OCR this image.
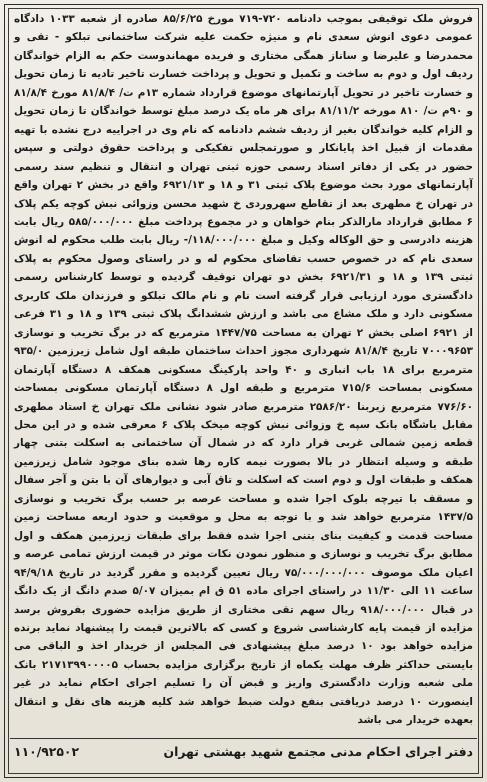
فروش ملک توقیفی بموجب دادنامه ۷۲۰-۷۱۹ مورخ ۸۵/۶/۲۵ صادره از شعبه ۱۰۳۳ دادگاه عمومی دعوی انوش سعدی نام و منیژه حکمت علیه شرکت ساختمانی تبلکو - تقی و محمدرضا و علیرضا و ساناز همگی مختاری و فریده مهماندوست حکم به الزام خواندگان ردیف اول و دوم به ساخت و تکمیل و تحویل و پرداخت خسارت تاخیر تادیه تا زمان تحویل و خسارت تاخیر در تحویل آپارتمانهای موضوع قرارداد شماره ۱۳م ت/ ۸۱/۸/۴ مورخ ۸۱/۸/۴ و ۹۰م ت/ ۸۱۰ مورخه ۸۱/۱۱/۲ برای هر ماه یک درصد مبلغ توسط خواندگان تا زمان تحویل و الزام کلیه خواندگان بغیر از ردیف ششم دادنامه که نام وی در اجراییه درج نشده با تهیه مقدمات از قبیل اخذ پایانکار و صورتمجلس تفکیکی و پرداخت حقوق دولتی و سپس حضور در یکی از دفاتر اسناد رسمی حوزه ثبتی تهران و انتقال و تنظیم سند رسمی آپارتمانهای مورد بحث موضوع پلاک ثبتی ۳۱ و ۱۸ و ۶۹۲۱/۱۳ واقع در بخش ۲ تهران واقع در تهران خ مطهری بعد از تقاطع سهروردی خ شهید محسن وزوائی نبش کوچه یکم پلاک ۶ مطابق قرارداد مارالذکر بنام خواهان و در مجموع پرداخت مبلغ ۵۸۵/۰۰۰/۰۰۰ ریال بابت هزینه دادرسی و حق الوکاله وکیل و مبلغ ۱۱۸/۰۰۰/۰۰۰/- ریال بابت طلب محکوم له انوش سعدی نام که در خصوص حسب تقاضای محکوم له و در راستای وصول محکوم به پلاک ثبتی ۱۳۹ و ۱۸ و ۶۹۲۱/۳۱ بخش دو تهران توقیف گردیده و توسط کارشناس رسمی دادگستری مورد ارزیابی قرار گرفته است نام و نام مالک تبلکو و فرزندان ملک کاربری مسکونی دارد و ملک مشاع می باشد و ارزش ششدانگ پلاک ثبتی ۱۳۹ و ۱۸ و ۳۱ فرعی از ۶۹۲۱ اصلی بخش ۲ تهران به مساحت ۱۴۴۷/۷۵ مترمربع که در برگ تخریب و نوسازی ۷۰۰۰۹۶۵۳ تاریخ ۸۱/۸/۴ شهرداری مجوز احداث ساختمان طبقه اول شامل زیرزمین ۹۳۵/۰ مترمربع برای ۱۸ باب انباری و ۴۰ واحد پارکینگ مسکونی همکف ۸ دستگاه آپارتمان مسکونی بمساحت ۷۱۵/۶ مترمربع و طبقه اول ۸ دستگاه آپارتمان مسکونی بمساحت ۷۷۶/۶۰ مترمربع زیربنا ۲۵۸۶/۲۰ مترمربع صادر شود نشانی ملک تهران خ استاد مطهری مقابل باشگاه بانک سپه خ وزوائی نبش کوچه میخک پلاک ۶ معرفی شده و در این محل قطعه زمین شمالی غربی قرار دارد که در شمال آن ساختمانی به اسکلت بتنی چهار طبقه و وسیله انتظار در بالا بصورت نیمه کاره رها شده بنای موجود شامل زیرزمین همکف و طبقات اول و دوم است که اسکلت و تاق آبی و دیوارهای آن با بتن و آجر سفال و مسقف با تیرچه بلوک اجرا شده و مساحت عرصه بر حسب برگ تخریب و نوسازی ۱۴۳۷/۵ مترمربع خواهد شد و با توجه به محل و موقعیت و حدود اربعه مساحت زمین مساحت قدمت و کیفیت بنای بتنی اجرا شده فقط برای طبقات زیرزمین همکف و اول مطابق برگ تخریب و نوسازی و منظور نمودن نکات موثر در قیمت ارزش تمامی عرصه و اعیان ملک موصوف ۷۵/۰۰۰/۰۰۰/۰۰۰ ریال تعیین گردیده و مقرر گردید در تاریخ ۹۴/۹/۱۸ ساعت ۱۱ الی ۱۱/۳۰ در راستای اجرای ماده ۵۱ ق ام بمیزان ۵/۰۷ صدم دانگ از یک دانگ در قبال ۹۱۸/۰۰۰/۰۰۰ ریال سهم تقی مختاری از طریق مزایده حضوری بفروش برسد مزایده از قیمت پایه کارشناسی شروع و کسی که بالاترین قیمت را پیشنهاد نماید برنده مزایده خواهد بود ۱۰ درصد مبلغ پیشنهادی فی المجلس از خریدار اخذ و الباقی می بایستی حداکثر ظرف مهلت یکماه از تاریخ برگزاری مزایده بحساب ۲۱۷۱۳۹۹۰۰۰۰۵ بانک ملی شعبه وزارت دادگستری واریز و قبض آن را تسلیم اجرای احکام نماید در غیر اینصورت ۱۰ درصد دریافتی بنفع دولت ضبط خواهد شد کلیه هزینه های نقل و انتقال بعهده خریدار می باشد
دفتر اجرای احکام مدنی مجتمع شهید بهشتی تهران
۱۱۰/۹۲۵۰۲
